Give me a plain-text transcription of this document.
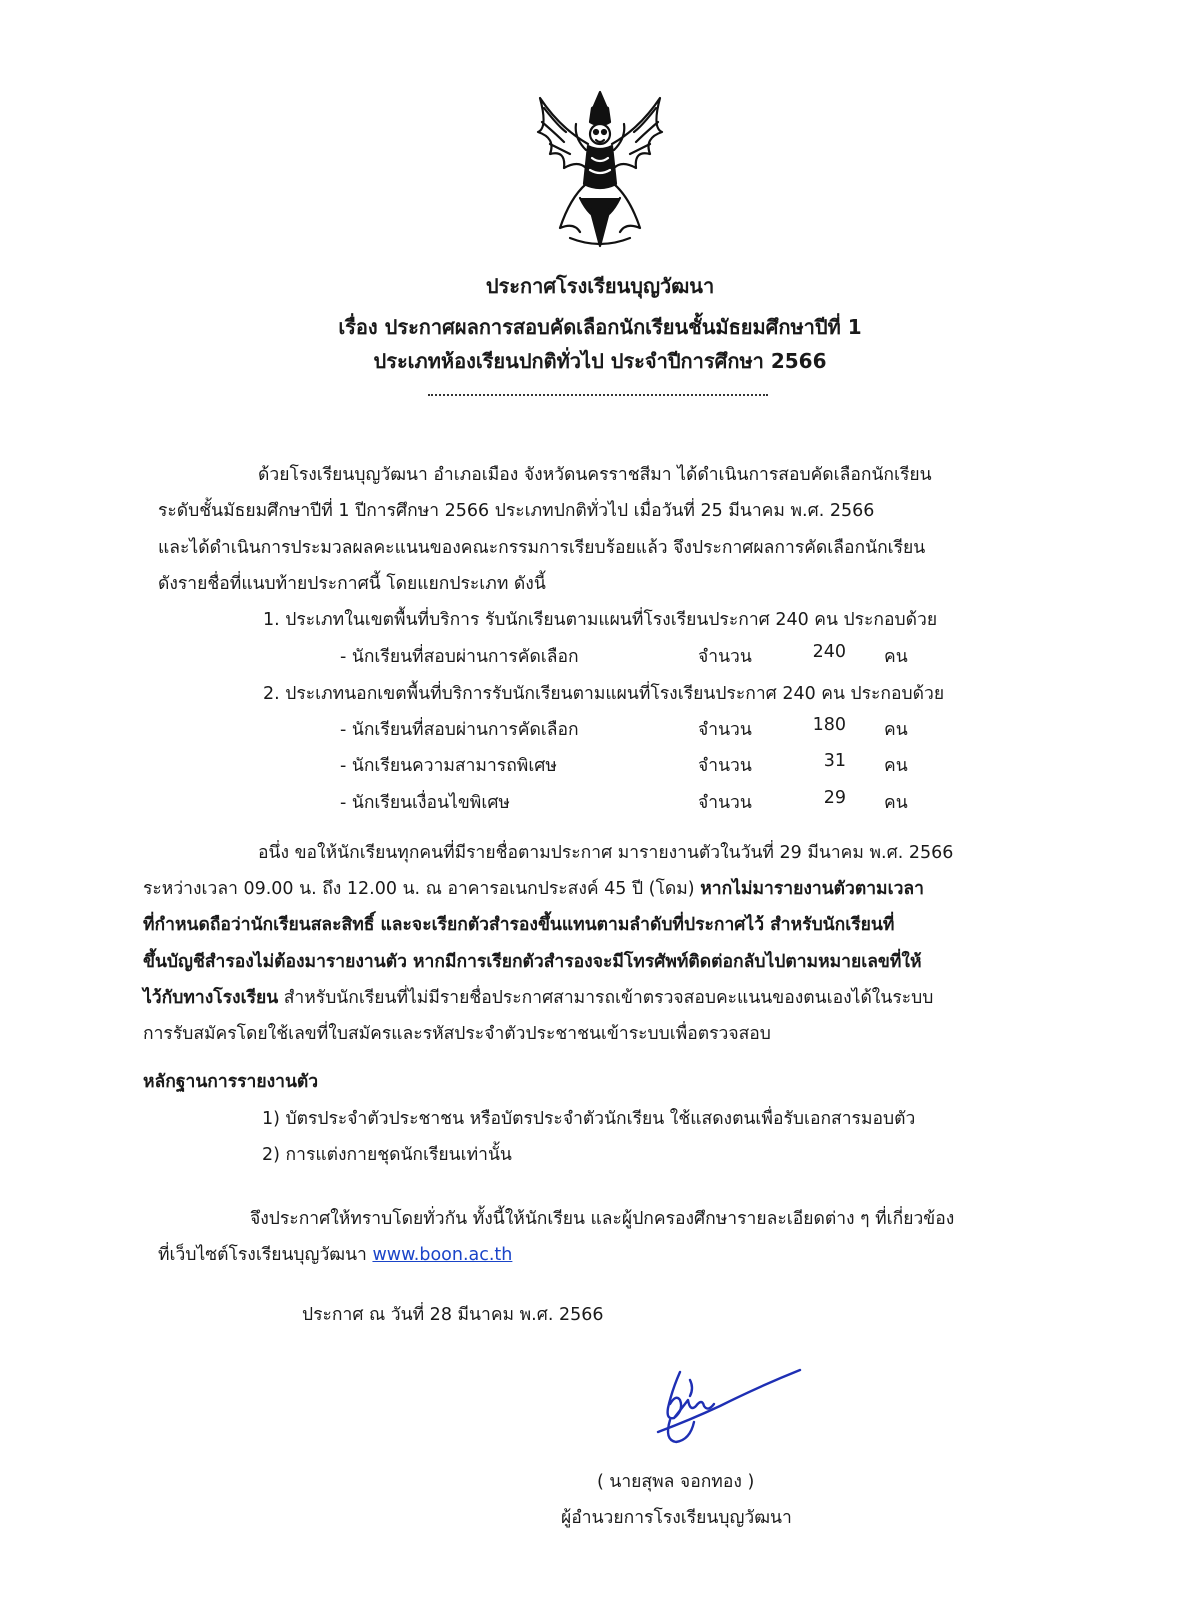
ประกาศโรงเรียนบุญวัฒนา
เรื่อง ประกาศผลการสอบคัดเลือกนักเรียนชั้นมัธยมศึกษาปีที่ 1
ประเภทห้องเรียนปกติทั่วไป ประจำปีการศึกษา 2566
ด้วยโรงเรียนบุญวัฒนา อำเภอเมือง จังหวัดนครราชสีมา ได้ดำเนินการสอบคัดเลือกนักเรียน
ระดับชั้นมัธยมศึกษาปีที่ 1 ปีการศึกษา 2566 ประเภทปกติทั่วไป เมื่อวันที่ 25 มีนาคม พ.ศ. 2566
และได้ดำเนินการประมวลผลคะแนนของคณะกรรมการเรียบร้อยแล้ว จึงประกาศผลการคัดเลือกนักเรียน
ดังรายชื่อที่แนบท้ายประกาศนี้ โดยแยกประเภท ดังนี้
1. ประเภทในเขตพื้นที่บริการ รับนักเรียนตามแผนที่โรงเรียนประกาศ 240 คน ประกอบด้วย
- นักเรียนที่สอบผ่านการคัดเลือก	จำนวน	240 คน
2. ประเภทนอกเขตพื้นที่บริการรับนักเรียนตามแผนที่โรงเรียนประกาศ 240 คน ประกอบด้วย
- นักเรียนที่สอบผ่านการคัดเลือก	จำนวน	180 คน
- นักเรียนความสามารถพิเศษ	จำนวน	31 คน
- นักเรียนเงื่อนไขพิเศษ	จำนวน	29 คน
อนึ่ง ขอให้นักเรียนทุกคนที่มีรายชื่อตามประกาศ มารายงานตัวในวันที่ 29 มีนาคม พ.ศ. 2566
ระหว่างเวลา 09.00 น. ถึง 12.00 น. ณ อาคารอเนกประสงค์ 45 ปี (โดม) หากไม่มารายงานตัวตามเวลา
ที่กำหนดถือว่านักเรียนสละสิทธิ์ และจะเรียกตัวสำรองขึ้นแทนตามลำดับที่ประกาศไว้ สำหรับนักเรียนที่
ขึ้นบัญชีสำรองไม่ต้องมารายงานตัว หากมีการเรียกตัวสำรองจะมีโทรศัพท์ติดต่อกลับไปตามหมายเลขที่ให้
ไว้กับทางโรงเรียน สำหรับนักเรียนที่ไม่มีรายชื่อประกาศสามารถเข้าตรวจสอบคะแนนของตนเองได้ในระบบ
การรับสมัครโดยใช้เลขที่ใบสมัครและรหัสประจำตัวประชาชนเข้าระบบเพื่อตรวจสอบ
หลักฐานการรายงานตัว
1) บัตรประจำตัวประชาชน หรือบัตรประจำตัวนักเรียน ใช้แสดงตนเพื่อรับเอกสารมอบตัว
2) การแต่งกายชุดนักเรียนเท่านั้น
จึงประกาศให้ทราบโดยทั่วกัน ทั้งนี้ให้นักเรียน และผู้ปกครองศึกษารายละเอียดต่าง ๆ ที่เกี่ยวข้อง
ที่เว็บไซต์โรงเรียนบุญวัฒนา www.boon.ac.th
ประกาศ ณ วันที่ 28 มีนาคม พ.ศ. 2566
( นายสุพล จอกทอง )
ผู้อำนวยการโรงเรียนบุญวัฒนา
